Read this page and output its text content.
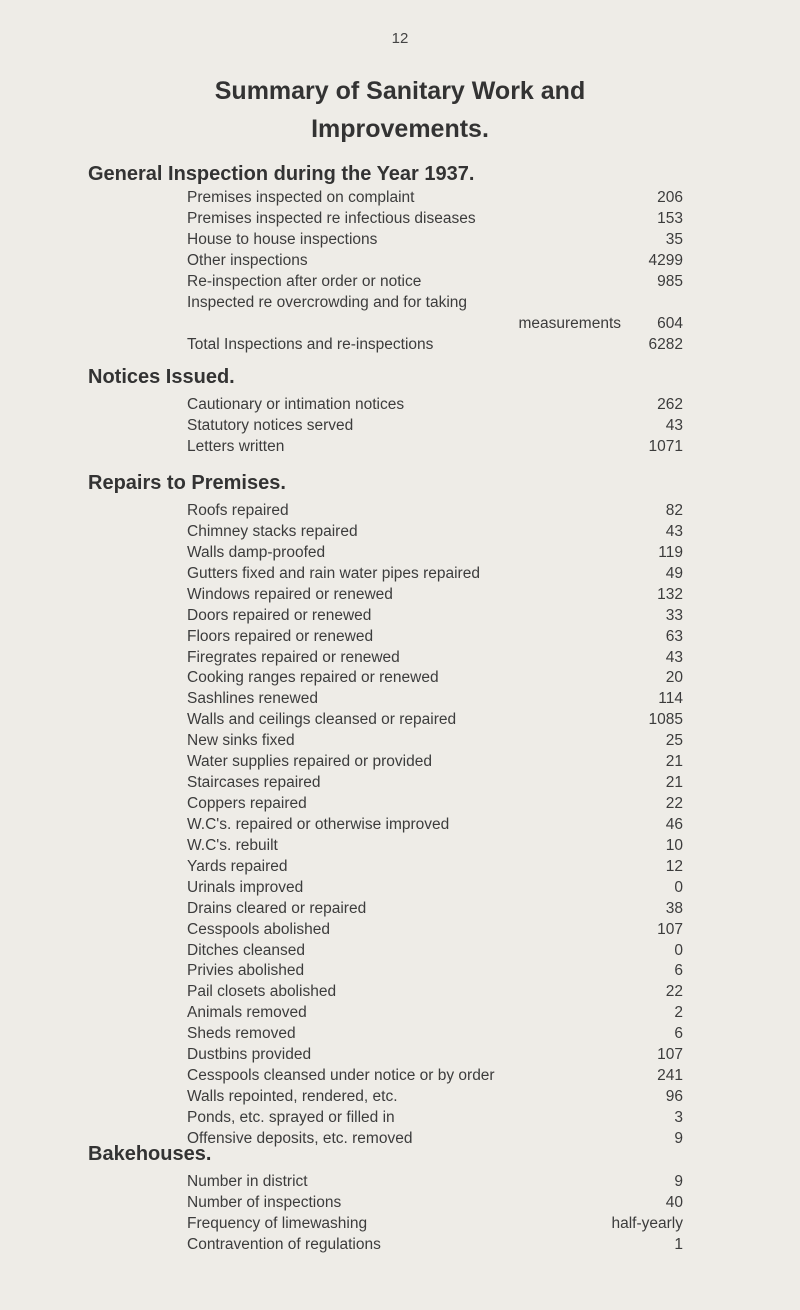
12
Summary of Sanitary Work and
Improvements.
General Inspection during the Year 1937.
Premises inspected on complaint	206
Premises inspected re infectious diseases	153
House to house inspections	35
Other inspections	4299
Re-inspection after order or notice	985
Inspected re overcrowding and for taking
measurements 604
Total Inspections and re-inspections	6282
Notices Issued.
Cautionary or intimation notices	262
Statutory notices served	43
Letters written	1071
Repairs to Premises.
Roofs repaired	82
Chimney stacks repaired	43
Walls damp-proofed	119
Gutters fixed and rain water pipes repaired	49
Windows repaired or renewed	132
Doors repaired or renewed	33
Floors repaired or renewed	63
Firegrates repaired or renewed	43
Cooking ranges repaired or renewed	20
Sashlines renewed	114
Walls and ceilings cleansed or repaired	1085
New sinks fixed	25
Water supplies repaired or provided	21
Staircases repaired	21
Coppers repaired	22
W.C's. repaired or otherwise improved	46
W.C's. rebuilt	10
Yards repaired	12
Urinals improved	0
Drains cleared or repaired	38
Cesspools abolished	107
Ditches cleansed	0
Privies abolished	6
Pail closets abolished	22
Animals removed	2
Sheds removed	6
Dustbins provided	107
Cesspools cleansed under notice or by order	241
Walls repointed, rendered, etc.	96
Ponds, etc. sprayed or filled in	3
Offensive deposits, etc. removed	9
Bakehouses.
Number in district	9
Number of inspections	40
Frequency of limewashing	half-yearly
Contravention of regulations	1
